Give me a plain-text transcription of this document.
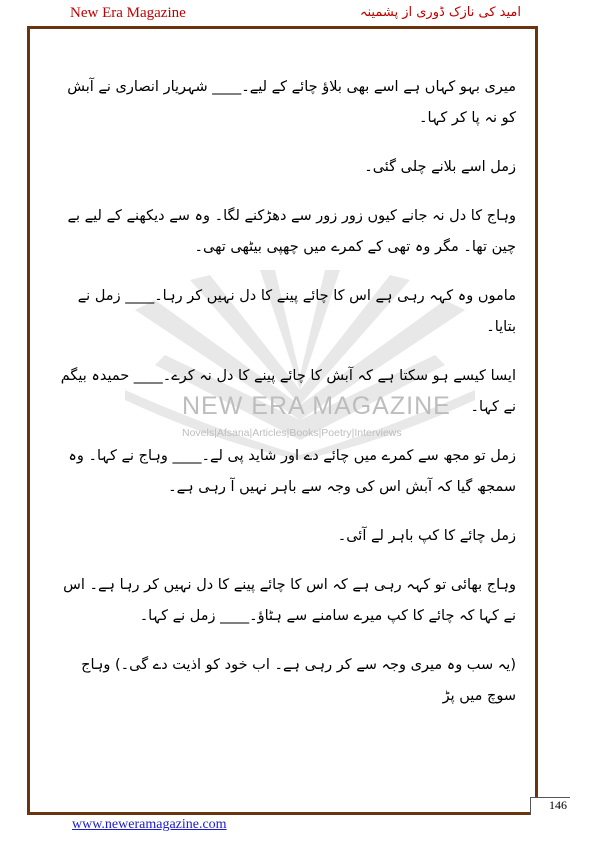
New Era Magazine	امید کی نازک ڈوری از پشمینہ
NEW ERA MAGAZINE
Novels|Afsana|Articles|Books|Poetry|Interviews

میری بہو کہاں ہے اسے بھی بلاؤ چائے کے لیے۔____ شہریار انصاری نے آبش کو نہ پا کر کہا۔

زمل اسے بلانے چلی گئی۔

وہاج کا دل نہ جانے کیوں زور زور سے دھڑکنے لگا۔ وہ سے دیکھنے کے لیے بے چین تھا۔ مگر وہ تھی کے کمرے میں چھپی بیٹھی تھی۔

ماموں وہ کہہ رہی ہے اس کا چائے پینے کا دل نہیں کر رہا۔____ زمل نے بتایا۔

ایسا کیسے ہو سکتا ہے کہ آبش کا چائے پینے کا دل نہ کرے۔____ حمیدہ بیگم نے کہا۔

زمل تو مجھ سے کمرے میں چائے دے اور شاید پی لے۔____ وہاج نے کہا۔ وہ سمجھ گیا کہ آبش اس کی وجہ سے باہر نہیں آ رہی ہے۔

زمل چائے کا کپ باہر لے آئی۔

وہاج بھائی تو کہہ رہی ہے کہ اس کا چائے پینے کا دل نہیں کر رہا ہے۔ اس نے کہا کہ چائے کا کپ میرے سامنے سے ہٹاؤ۔____ زمل نے کہا۔

(یہ سب وہ میری وجہ سے کر رہی ہے۔ اب خود کو اذیت دے گی۔) وہاج سوچ میں پڑ

146
www.neweramagazine.com
